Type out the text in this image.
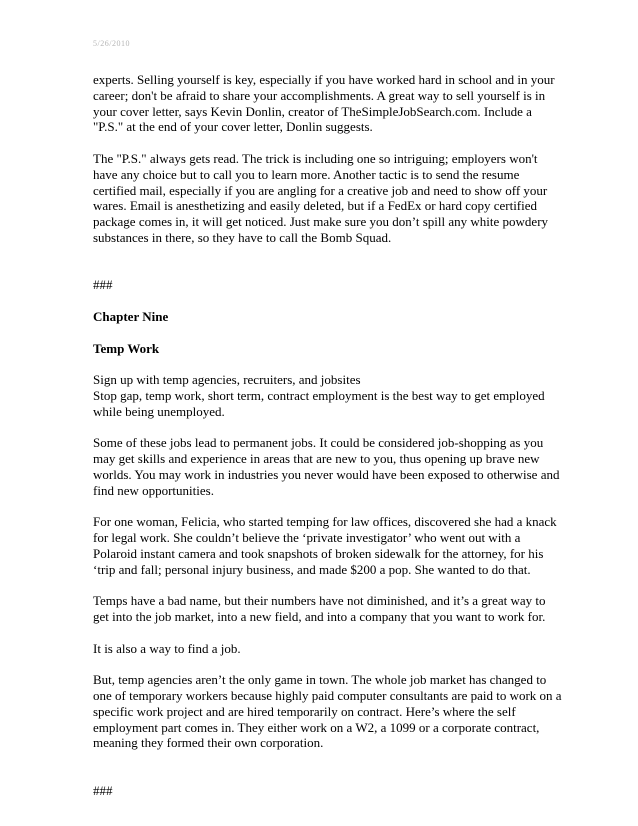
5/26/2010

experts. Selling yourself is key, especially if you have worked hard in school and in your career; don't be afraid to share your accomplishments. A great way to sell yourself is in your cover letter, says Kevin Donlin, creator of TheSimpleJobSearch.com. Include a "P.S." at the end of your cover letter, Donlin suggests.

The "P.S." always gets read. The trick is including one so intriguing; employers won't have any choice but to call you to learn more. Another tactic is to send the resume certified mail, especially if you are angling for a creative job and need to show off your wares. Email is anesthetizing and easily deleted, but if a FedEx or hard copy certified package comes in, it will get noticed. Just make sure you don’t spill any white powdery substances in there, so they have to call the Bomb Squad.

###

Chapter Nine

Temp Work

Sign up with temp agencies, recruiters, and jobsites

Stop gap, temp work, short term, contract employment is the best way to get employed while being unemployed.

Some of these jobs lead to permanent jobs. It could be considered job-shopping as you may get skills and experience in areas that are new to you, thus opening up brave new worlds. You may work in industries you never would have been exposed to otherwise and find new opportunities.

For one woman, Felicia, who started temping for law offices, discovered she had a knack for legal work. She couldn’t believe the ‘private investigator’ who went out with a Polaroid instant camera and took snapshots of broken sidewalk for the attorney, for his ‘trip and fall; personal injury business, and made $200 a pop. She wanted to do that.

Temps have a bad name, but their numbers have not diminished, and it’s a great way to get into the job market, into a new field, and into a company that you want to work for.

It is also a way to find a job.

But, temp agencies aren’t the only game in town. The whole job market has changed to one of temporary workers because highly paid computer consultants are paid to work on a specific work project and are hired temporarily on contract. Here’s where the self employment part comes in. They either work on a W2, a 1099 or a corporate contract, meaning they formed their own corporation.

###
